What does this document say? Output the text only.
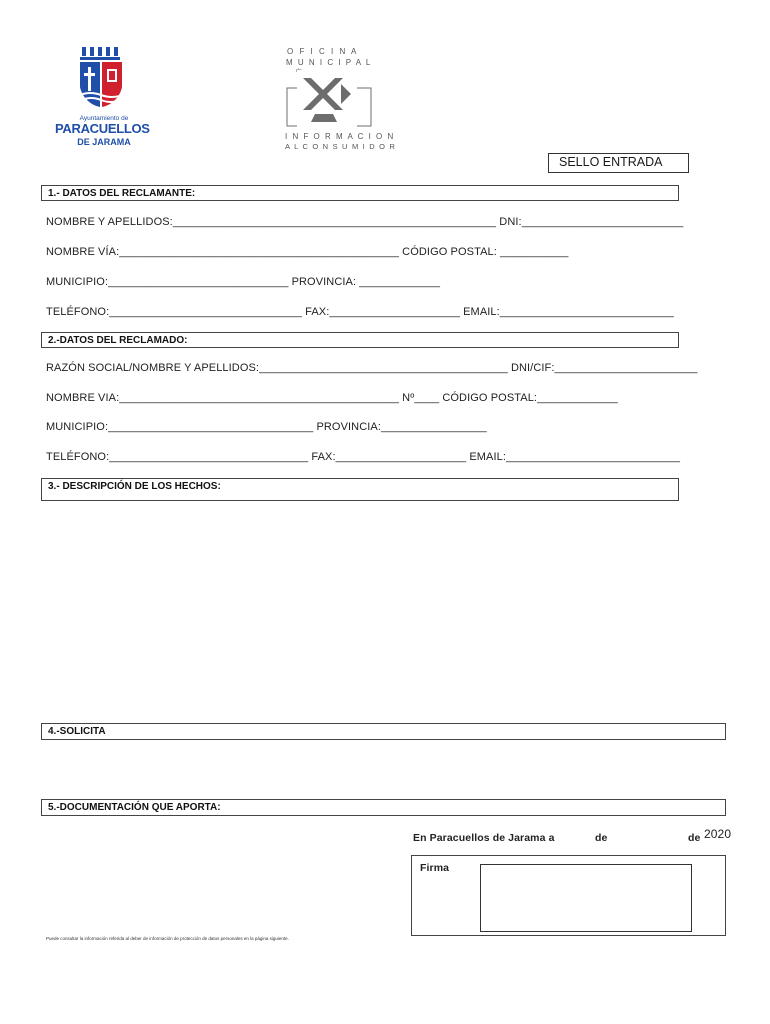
Ayuntamiento de
PARACUELLOS
DE JARAMA
O F I C I N A
M U N I C I P A L
I N F O R M A C I O N
A L C O N S U M I D O R
SELLO ENTRADA
1.- DATOS DEL RECLAMANTE:
NOMBRE Y APELLIDOS:____________________________________________________ DNI:__________________________
NOMBRE VÍA:_____________________________________________ CÓDIGO POSTAL: ___________
MUNICIPIO:_____________________________ PROVINCIA: _____________
TELÉFONO:_______________________________ FAX:_____________________ EMAIL:____________________________
2.-DATOS DEL RECLAMADO:
RAZÓN SOCIAL/NOMBRE Y APELLIDOS:________________________________________ DNI/CIF:_______________________
NOMBRE VIA:_____________________________________________ Nº____ CÓDIGO POSTAL:_____________
MUNICIPIO:_________________________________ PROVINCIA:_________________
TELÉFONO:________________________________ FAX:_____________________ EMAIL:____________________________
3.- DESCRIPCIÓN DE LOS HECHOS:
4.-SOLICITA
5.-DOCUMENTACIÓN QUE APORTA:
En Paracuellos de Jarama a	de	de 2020
Firma
Puede consultar la información referida al deber de información de protección de datos personales en la página siguiente.
